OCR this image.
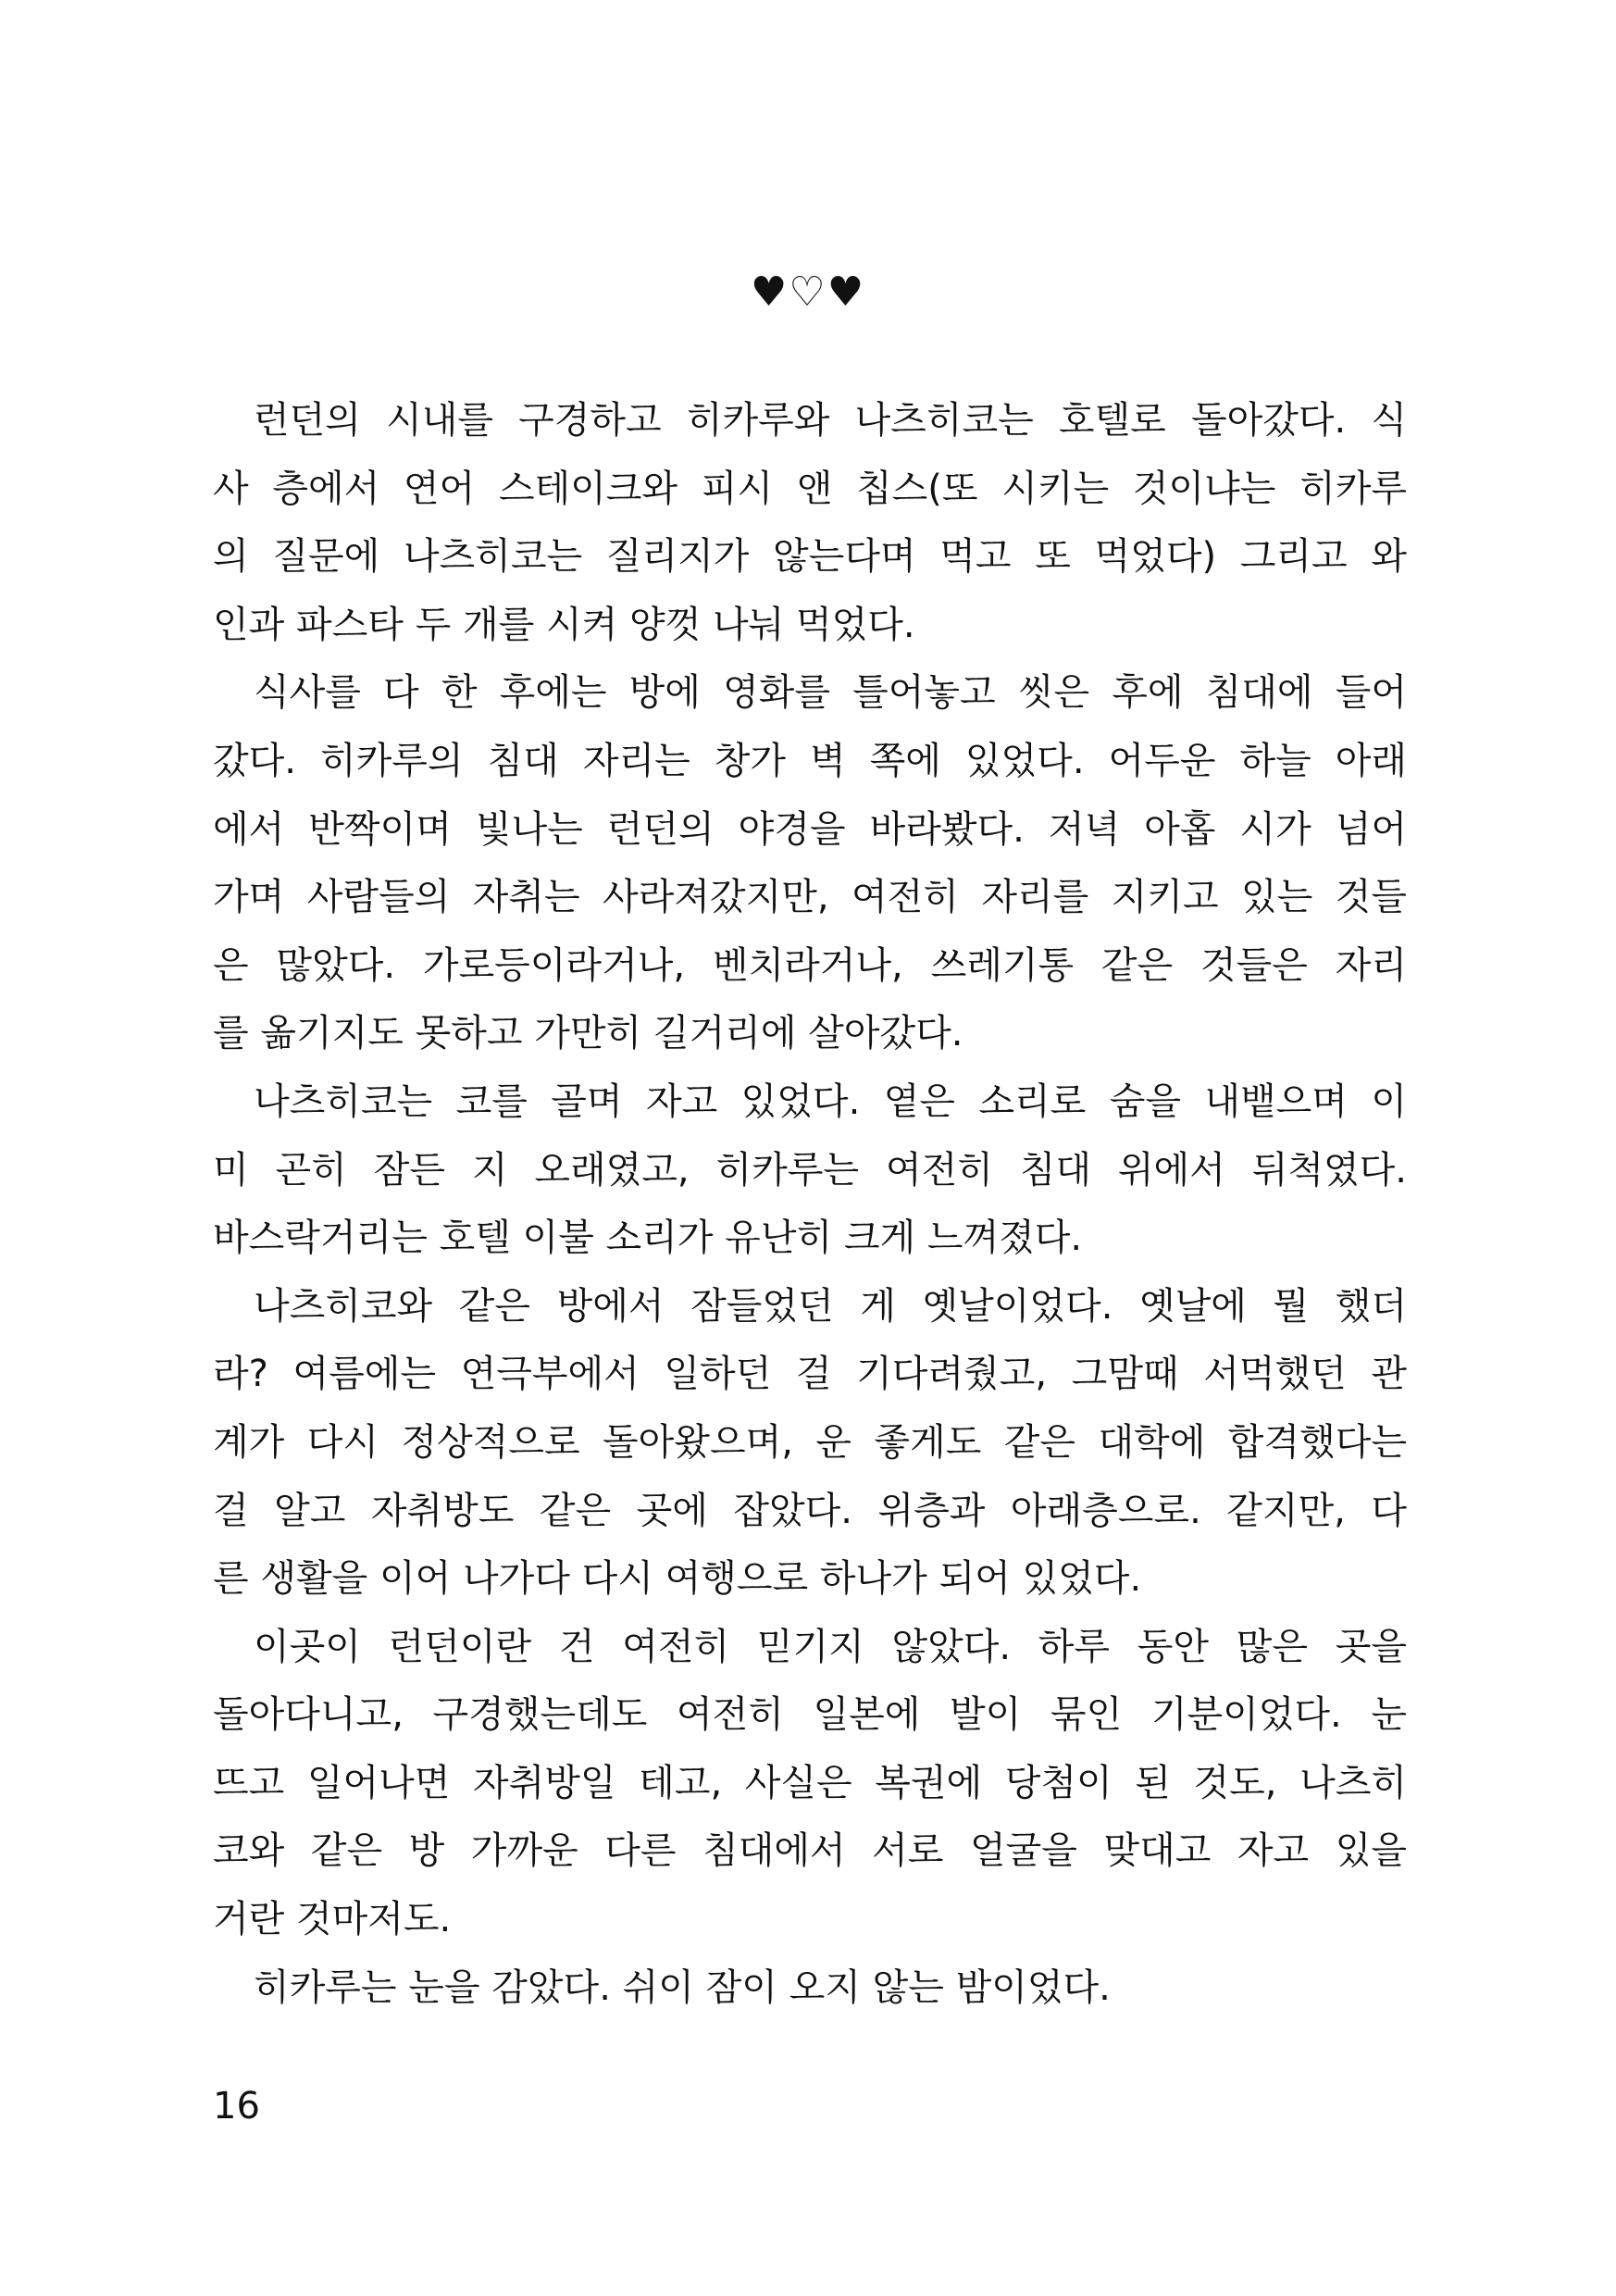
♥♡♥
런던의 시내를 구경하고 히카루와 나츠히코는 호텔로 돌아갔다. 식
사 층에서 연어 스테이크와 피시 앤 칩스(또 시키는 것이냐는 히카루
의 질문에 나츠히코는 질리지가 않는다며 먹고 또 먹었다) 그리고 와
인과 파스타 두 개를 시켜 양껏 나눠 먹었다.
식사를 다 한 후에는 방에 영화를 틀어놓고 씻은 후에 침대에 들어
갔다. 히카루의 침대 자리는 창가 벽 쪽에 있었다. 어두운 하늘 아래
에서 반짝이며 빛나는 런던의 야경을 바라봤다. 저녁 아홉 시가 넘어
가며 사람들의 자취는 사라져갔지만, 여전히 자리를 지키고 있는 것들
은 많았다. 가로등이라거나, 벤치라거나, 쓰레기통 같은 것들은 자리
를 옮기지도 못하고 가만히 길거리에 살아갔다.
나츠히코는 코를 골며 자고 있었다. 옅은 소리로 숨을 내뱉으며 이
미 곤히 잠든 지 오래였고, 히카루는 여전히 침대 위에서 뒤척였다.
바스락거리는 호텔 이불 소리가 유난히 크게 느껴졌다.
나츠히코와 같은 방에서 잠들었던 게 옛날이었다. 옛날에 뭘 했더
라? 여름에는 연극부에서 일하던 걸 기다려줬고, 그맘때 서먹했던 관
계가 다시 정상적으로 돌아왔으며, 운 좋게도 같은 대학에 합격했다는
걸 알고 자취방도 같은 곳에 잡았다. 위층과 아래층으로. 같지만, 다
른 생활을 이어 나가다 다시 여행으로 하나가 되어 있었다.
이곳이 런던이란 건 여전히 믿기지 않았다. 하루 동안 많은 곳을
돌아다니고, 구경했는데도 여전히 일본에 발이 묶인 기분이었다. 눈
뜨고 일어나면 자취방일 테고, 사실은 복권에 당첨이 된 것도, 나츠히
코와 같은 방 가까운 다른 침대에서 서로 얼굴을 맞대고 자고 있을
거란 것마저도.
히카루는 눈을 감았다. 쉬이 잠이 오지 않는 밤이었다.
16
